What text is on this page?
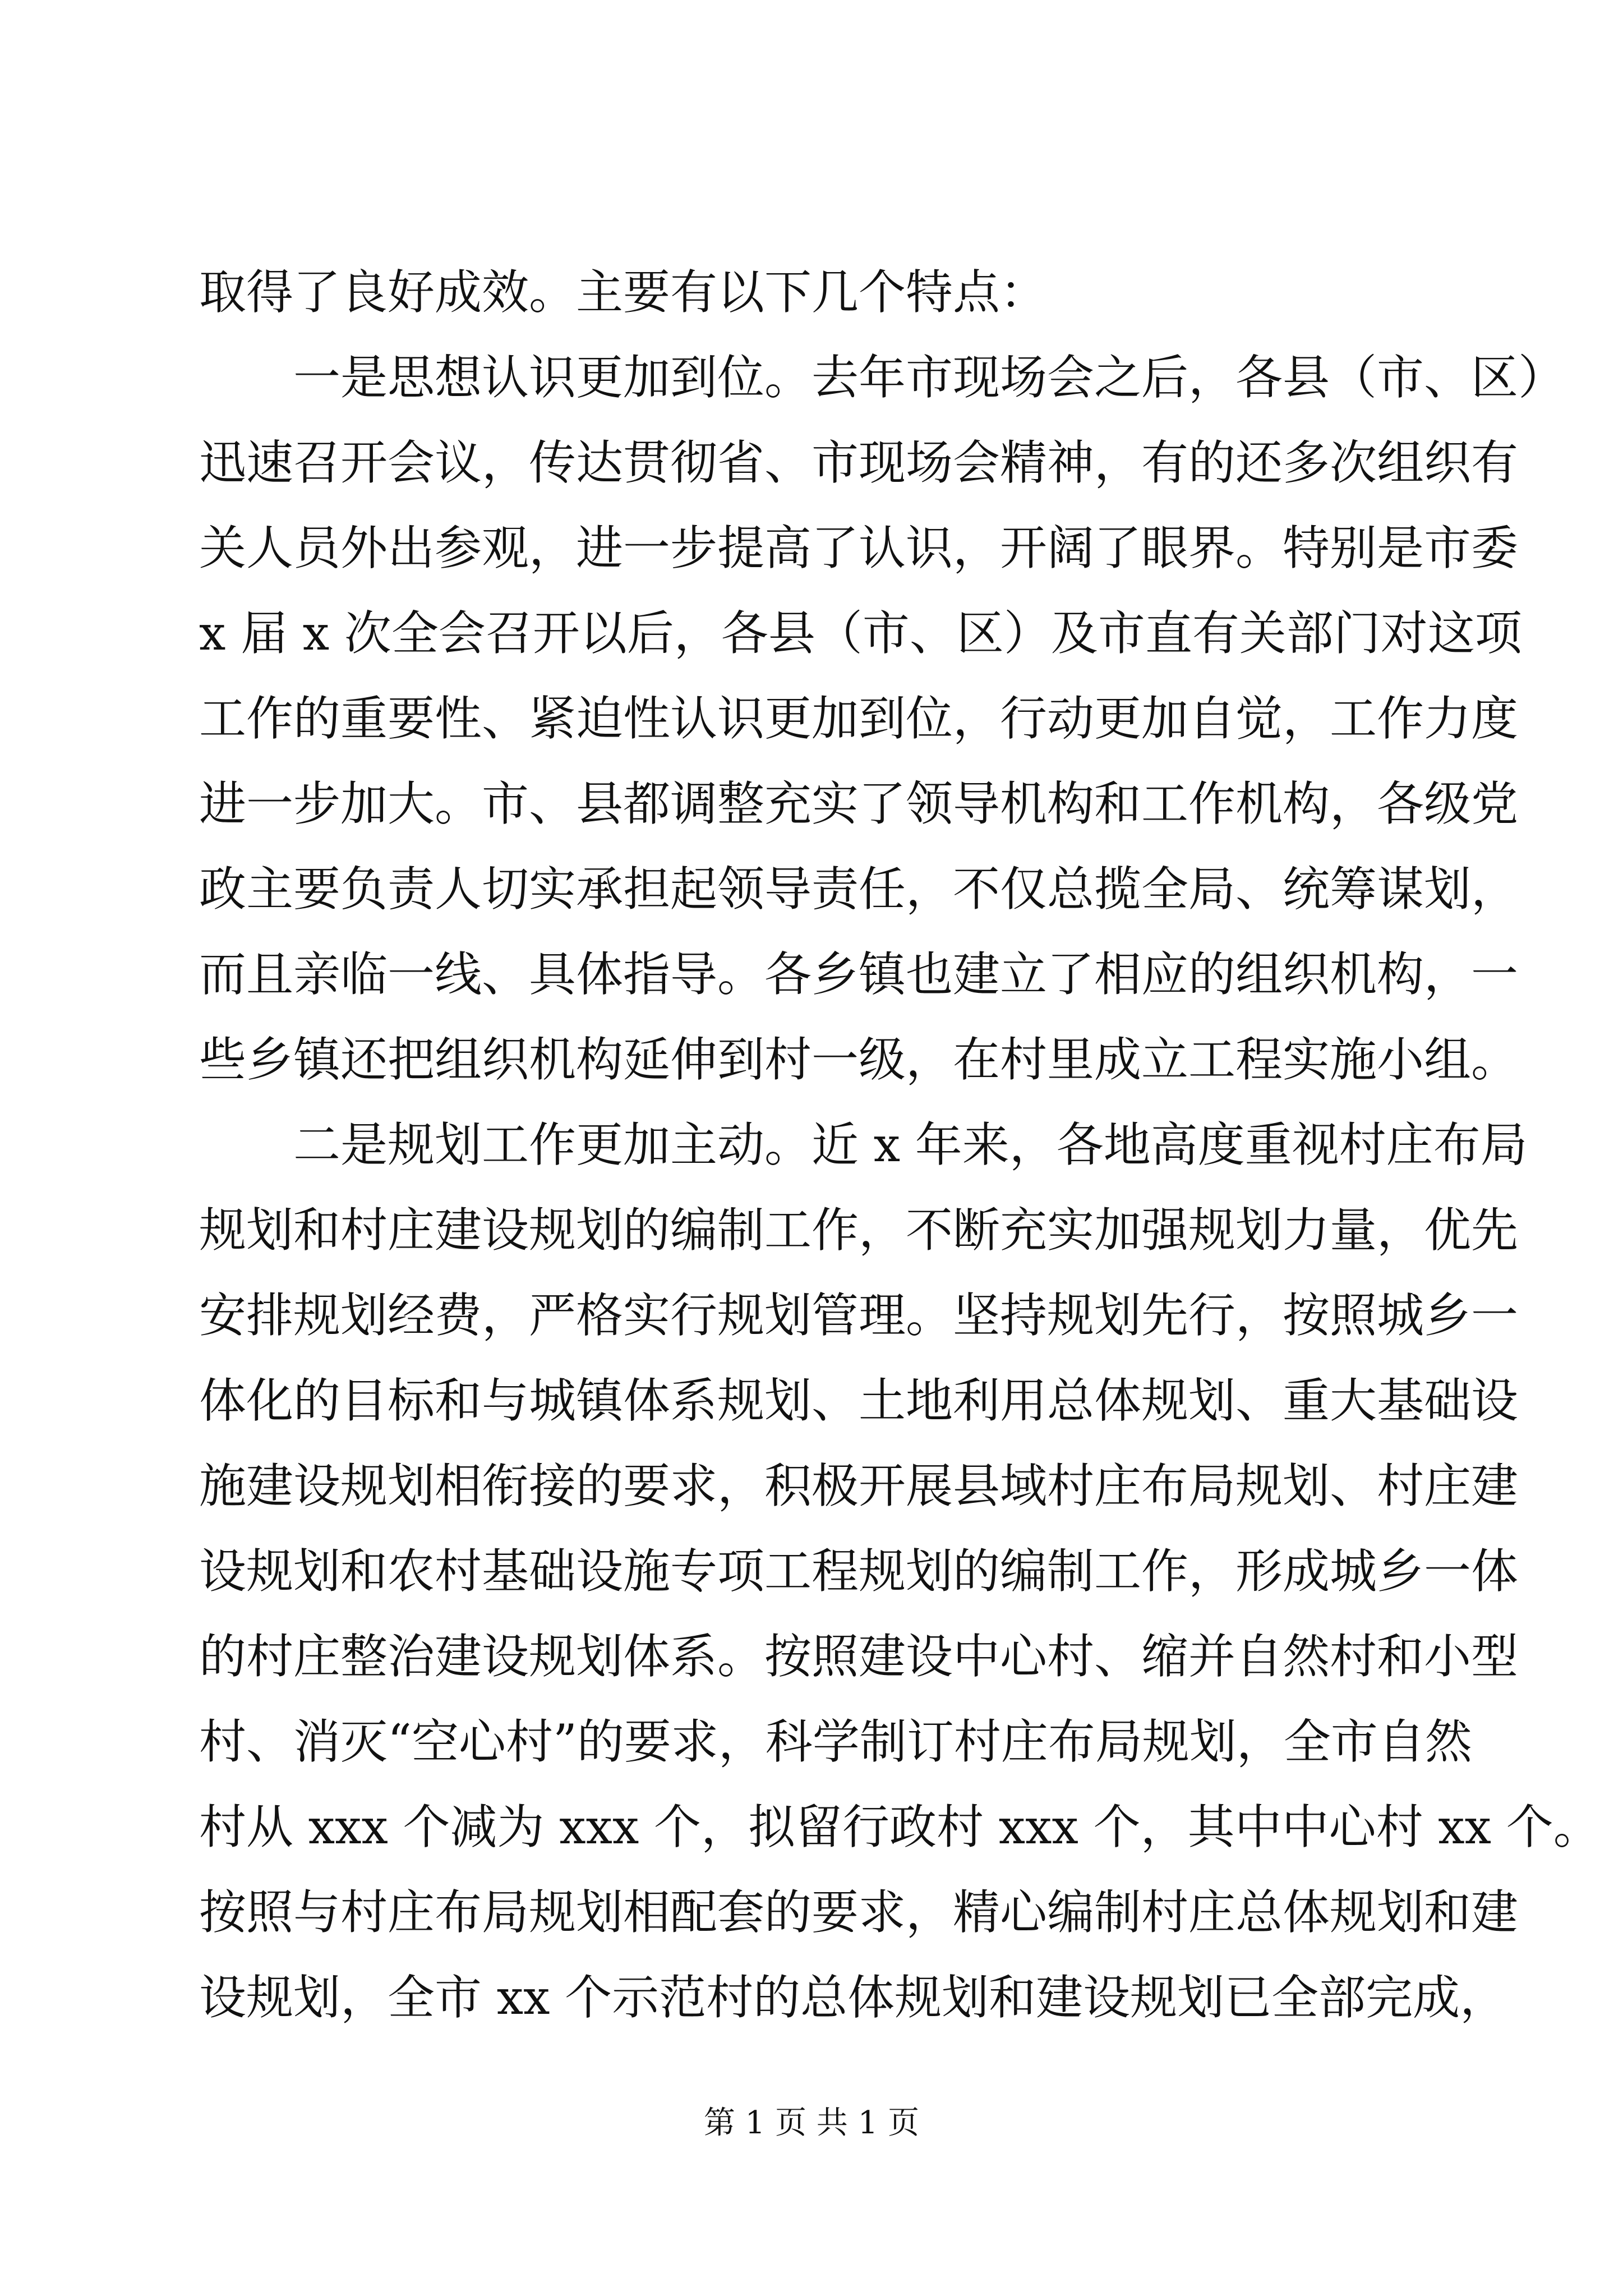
取得了良好成效。主要有以下几个特点：
一是思想认识更加到位。去年市现场会之后，各县（市、区）
迅速召开会议，传达贯彻省、市现场会精神，有的还多次组织有
关人员外出参观，进一步提高了认识，开阔了眼界。特别是市委
x 届 x 次全会召开以后，各县（市、区）及市直有关部门对这项
工作的重要性、紧迫性认识更加到位，行动更加自觉，工作力度
进一步加大。市、县都调整充实了领导机构和工作机构，各级党
政主要负责人切实承担起领导责任，不仅总揽全局、统筹谋划，
而且亲临一线、具体指导。各乡镇也建立了相应的组织机构，一
些乡镇还把组织机构延伸到村一级，在村里成立工程实施小组。
二是规划工作更加主动。近 x 年来，各地高度重视村庄布局
规划和村庄建设规划的编制工作，不断充实加强规划力量，优先
安排规划经费，严格实行规划管理。坚持规划先行，按照城乡一
体化的目标和与城镇体系规划、土地利用总体规划、重大基础设
施建设规划相衔接的要求，积极开展县域村庄布局规划、村庄建
设规划和农村基础设施专项工程规划的编制工作，形成城乡一体
的村庄整治建设规划体系。按照建设中心村、缩并自然村和小型
村、消灭“空心村”的要求，科学制订村庄布局规划，全市自然
村从 xxx 个减为 xxx 个，拟留行政村 xxx 个，其中中心村 xx 个。
按照与村庄布局规划相配套的要求，精心编制村庄总体规划和建
设规划，全市 xx 个示范村的总体规划和建设规划已全部完成，
第 1 页 共 1 页
